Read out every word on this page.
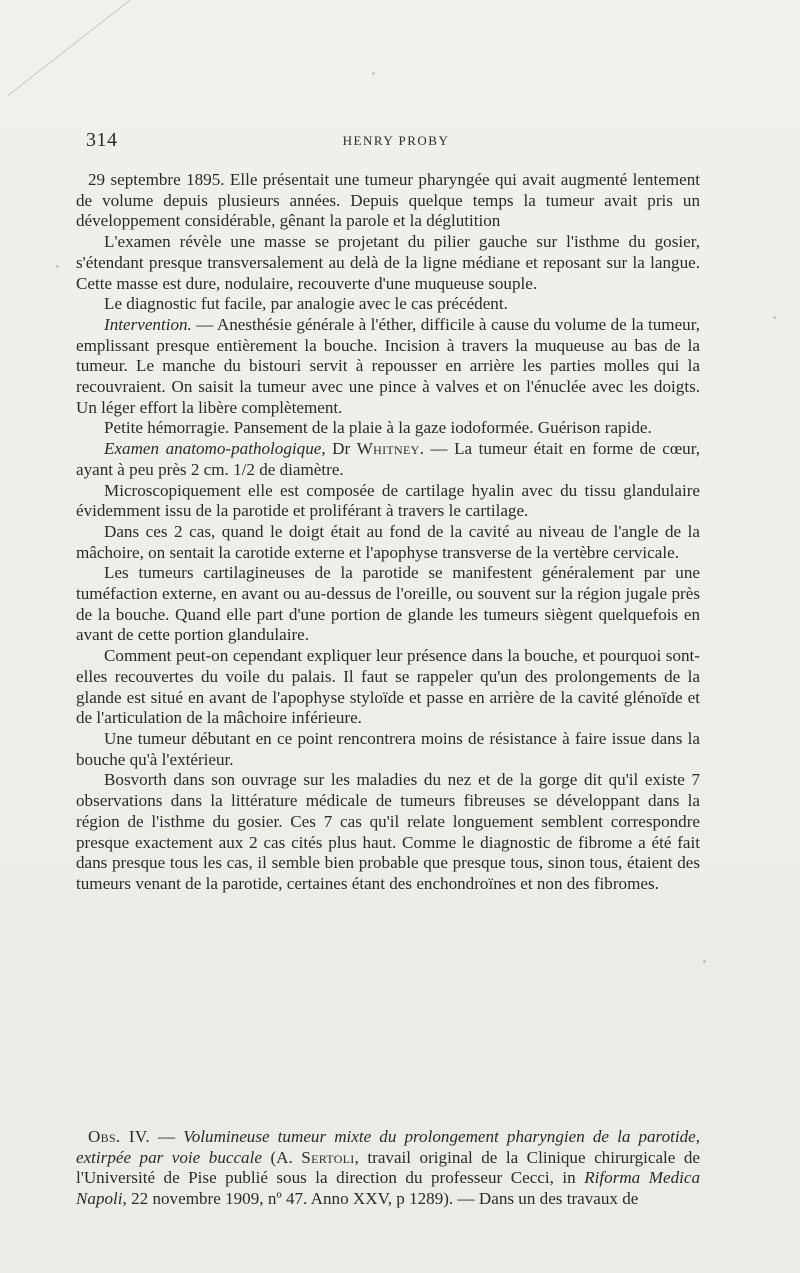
314	HENRY PROBY

29 septembre 1895. Elle présentait une tumeur pharyngée qui avait augmenté lentement de volume depuis plusieurs années. Depuis quelque temps la tumeur avait pris un développement considérable, gênant la parole et la déglutition

L'examen révèle une masse se projetant du pilier gauche sur l'isthme du gosier, s'étendant presque transversalement au delà de la ligne médiane et reposant sur la langue. Cette masse est dure, nodulaire, recouverte d'une muqueuse souple.

Le diagnostic fut facile, par analogie avec le cas précédent.

Intervention. — Anesthésie générale à l'éther, difficile à cause du volume de la tumeur, emplissant presque entièrement la bouche. Incision à travers la muqueuse au bas de la tumeur. Le manche du bistouri servit à repousser en arrière les parties molles qui la recouvraient. On saisit la tumeur avec une pince à valves et on l'énuclée avec les doigts. Un léger effort la libère complètement.

Petite hémorragie. Pansement de la plaie à la gaze iodoformée. Guérison rapide.

Examen anatomo-pathologique, Dr Whitney. — La tumeur était en forme de cœur, ayant à peu près 2 cm. 1/2 de diamètre.

Microscopiquement elle est composée de cartilage hyalin avec du tissu glandulaire évidemment issu de la parotide et proliférant à travers le cartilage.

Dans ces 2 cas, quand le doigt était au fond de la cavité au niveau de l'angle de la mâchoire, on sentait la carotide externe et l'apophyse transverse de la vertèbre cervicale.

Les tumeurs cartilagineuses de la parotide se manifestent généralement par une tuméfaction externe, en avant ou au-dessus de l'oreille, ou souvent sur la région jugale près de la bouche. Quand elle part d'une portion de glande les tumeurs siègent quelquefois en avant de cette portion glandulaire.

Comment peut-on cependant expliquer leur présence dans la bouche, et pourquoi sont-elles recouvertes du voile du palais. Il faut se rappeler qu'un des prolongements de la glande est situé en avant de l'apophyse styloïde et passe en arrière de la cavité glénoïde et de l'articulation de la mâchoire inférieure.

Une tumeur débutant en ce point rencontrera moins de résistance à faire issue dans la bouche qu'à l'extérieur.

Bosvorth dans son ouvrage sur les maladies du nez et de la gorge dit qu'il existe 7 observations dans la littérature médicale de tumeurs fibreuses se développant dans la région de l'isthme du gosier. Ces 7 cas qu'il relate longuement semblent correspondre presque exactement aux 2 cas cités plus haut. Comme le diagnostic de fibrome a été fait dans presque tous les cas, il semble bien probable que presque tous, sinon tous, étaient des tumeurs venant de la parotide, certaines étant des enchondroïnes et non des fibromes.

Obs. IV. — Volumineuse tumeur mixte du prolongement pharyngien de la parotide, extirpée par voie buccale (A. Sertoli, travail original de la Clinique chirurgicale de l'Université de Pise publié sous la direction du professeur Cecci, in Riforma Medica Napoli, 22 novembre 1909, nº 47. Anno XXV, p 1289). — Dans un des travaux de
